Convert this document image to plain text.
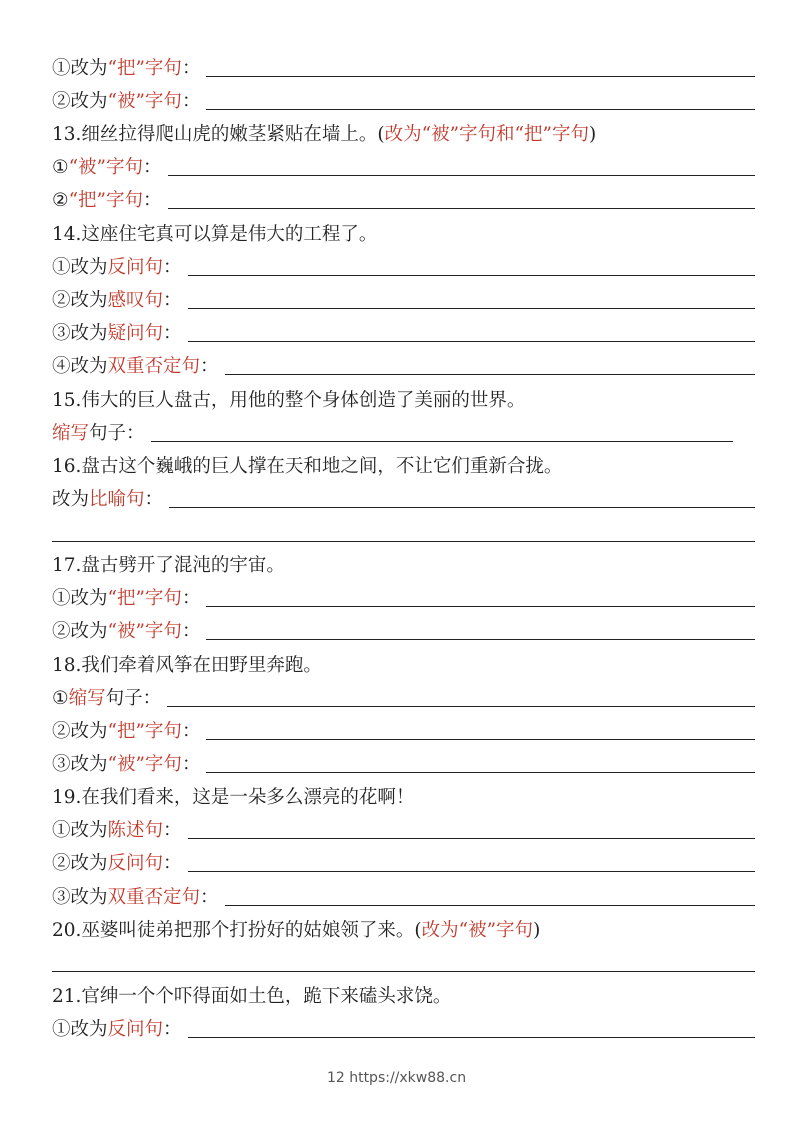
①改为 “把”字句 ：
②改为 “被”字句 ：
13.细丝拉得爬山虎的嫩茎紧贴在墙上。( 改为“被”字句和“把”字句 )
① “被”字句 ：
② “把”字句 ：
14.这座住宅真可以算是伟大的工程了。
①改为 反问句 ：
②改为 感叹句 ：
③改为 疑问句 ：
④改为 双重否定句 ：
15.伟大的巨人盘古，用他的整个身体创造了美丽的世界。
缩写 句子：
16.盘古这个巍峨的巨人撑在天和地之间，不让它们重新合拢。
改为 比喻句 ：
17.盘古劈开了混沌的宇宙。
①改为 “把”字句 ：
②改为 “被”字句 ：
18.我们牵着风筝在田野里奔跑。
① 缩写 句子：
②改为 “把”字句 ：
③改为 “被”字句 ：
19.在我们看来，这是一朵多么漂亮的花啊！
①改为 陈述句 ：
②改为 反问句 ：
③改为 双重否定句 ：
20.巫婆叫徒弟把那个打扮好的姑娘领了来。( 改为“被”字句 )
21.官绅一个个吓得面如土色，跪下来磕头求饶。
①改为 反问句 ：
12 https://xkw88.cn
